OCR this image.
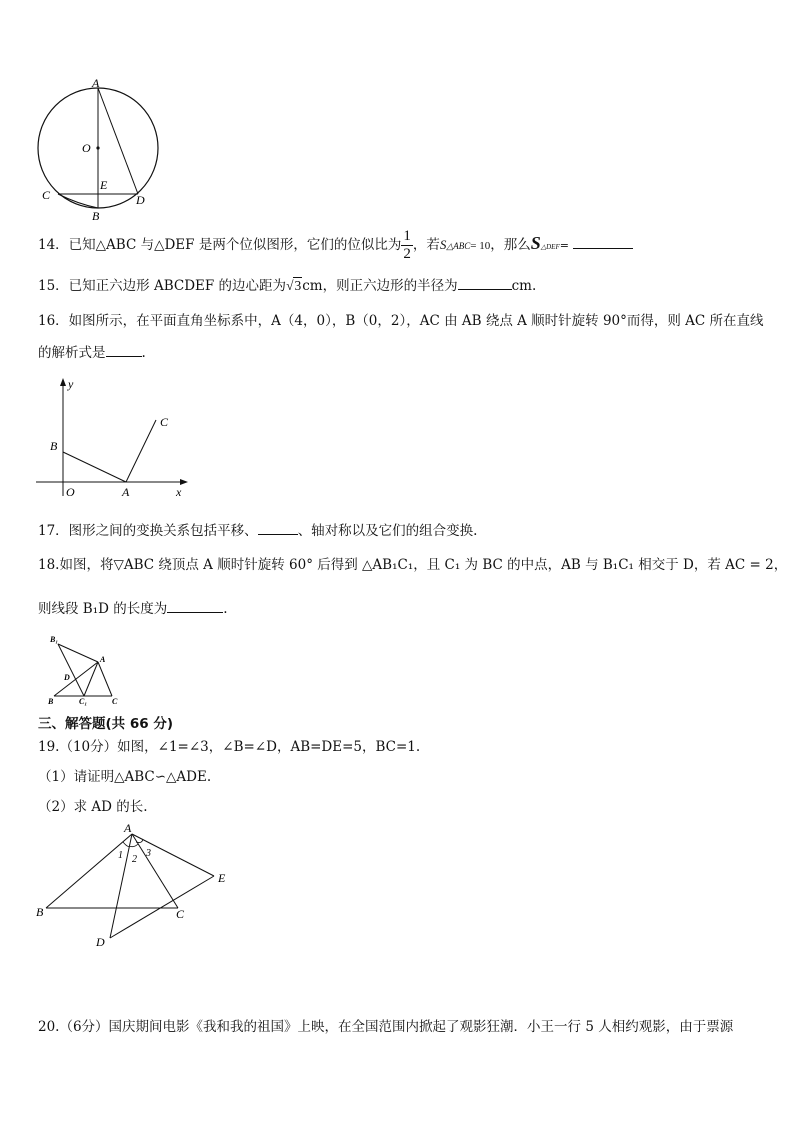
A
O
E
C	D
B
14．已知△ABC 与△DEF 是两个位似图形，它们的位似比为 $\frac{1}{2}$ ，若S△ABC= 10，那么S△DEF=
15．已知正六边形 ABCDEF 的边心距为√3cm，则正六边形的半径为	cm.
16．如图所示，在平面直角坐标系中，A（4，0），B（0，2），AC 由 AB 绕点 A 顺时针旋转 90°而得，则 AC 所在直线
的解析式是	.
y
x
O	A
B
C
17．图形之间的变换关系包括平移、	、轴对称以及它们的组合变换.
18.如图，将▽ABC 绕顶点 A 顺时针旋转 60° 后得到 △AB₁C₁，且 C₁ 为 BC 的中点，AB 与 B₁C₁ 相交于 D，若 AC = 2，
则线段 B₁D 的长度为	.
B₁
A
D
B	C₁	C
三、解答题(共 66 分)
19.（10分）如图，∠1=∠3，∠B=∠D，AB=DE=5，BC=1.
（1）请证明△ABC∽△ADE.
（2）求 AD 的长.
A
1 2
3
E
B	C
D
20.（6分）国庆期间电影《我和我的祖国》上映，在全国范围内掀起了观影狂潮．小王一行 5 人相约观影，由于票源
